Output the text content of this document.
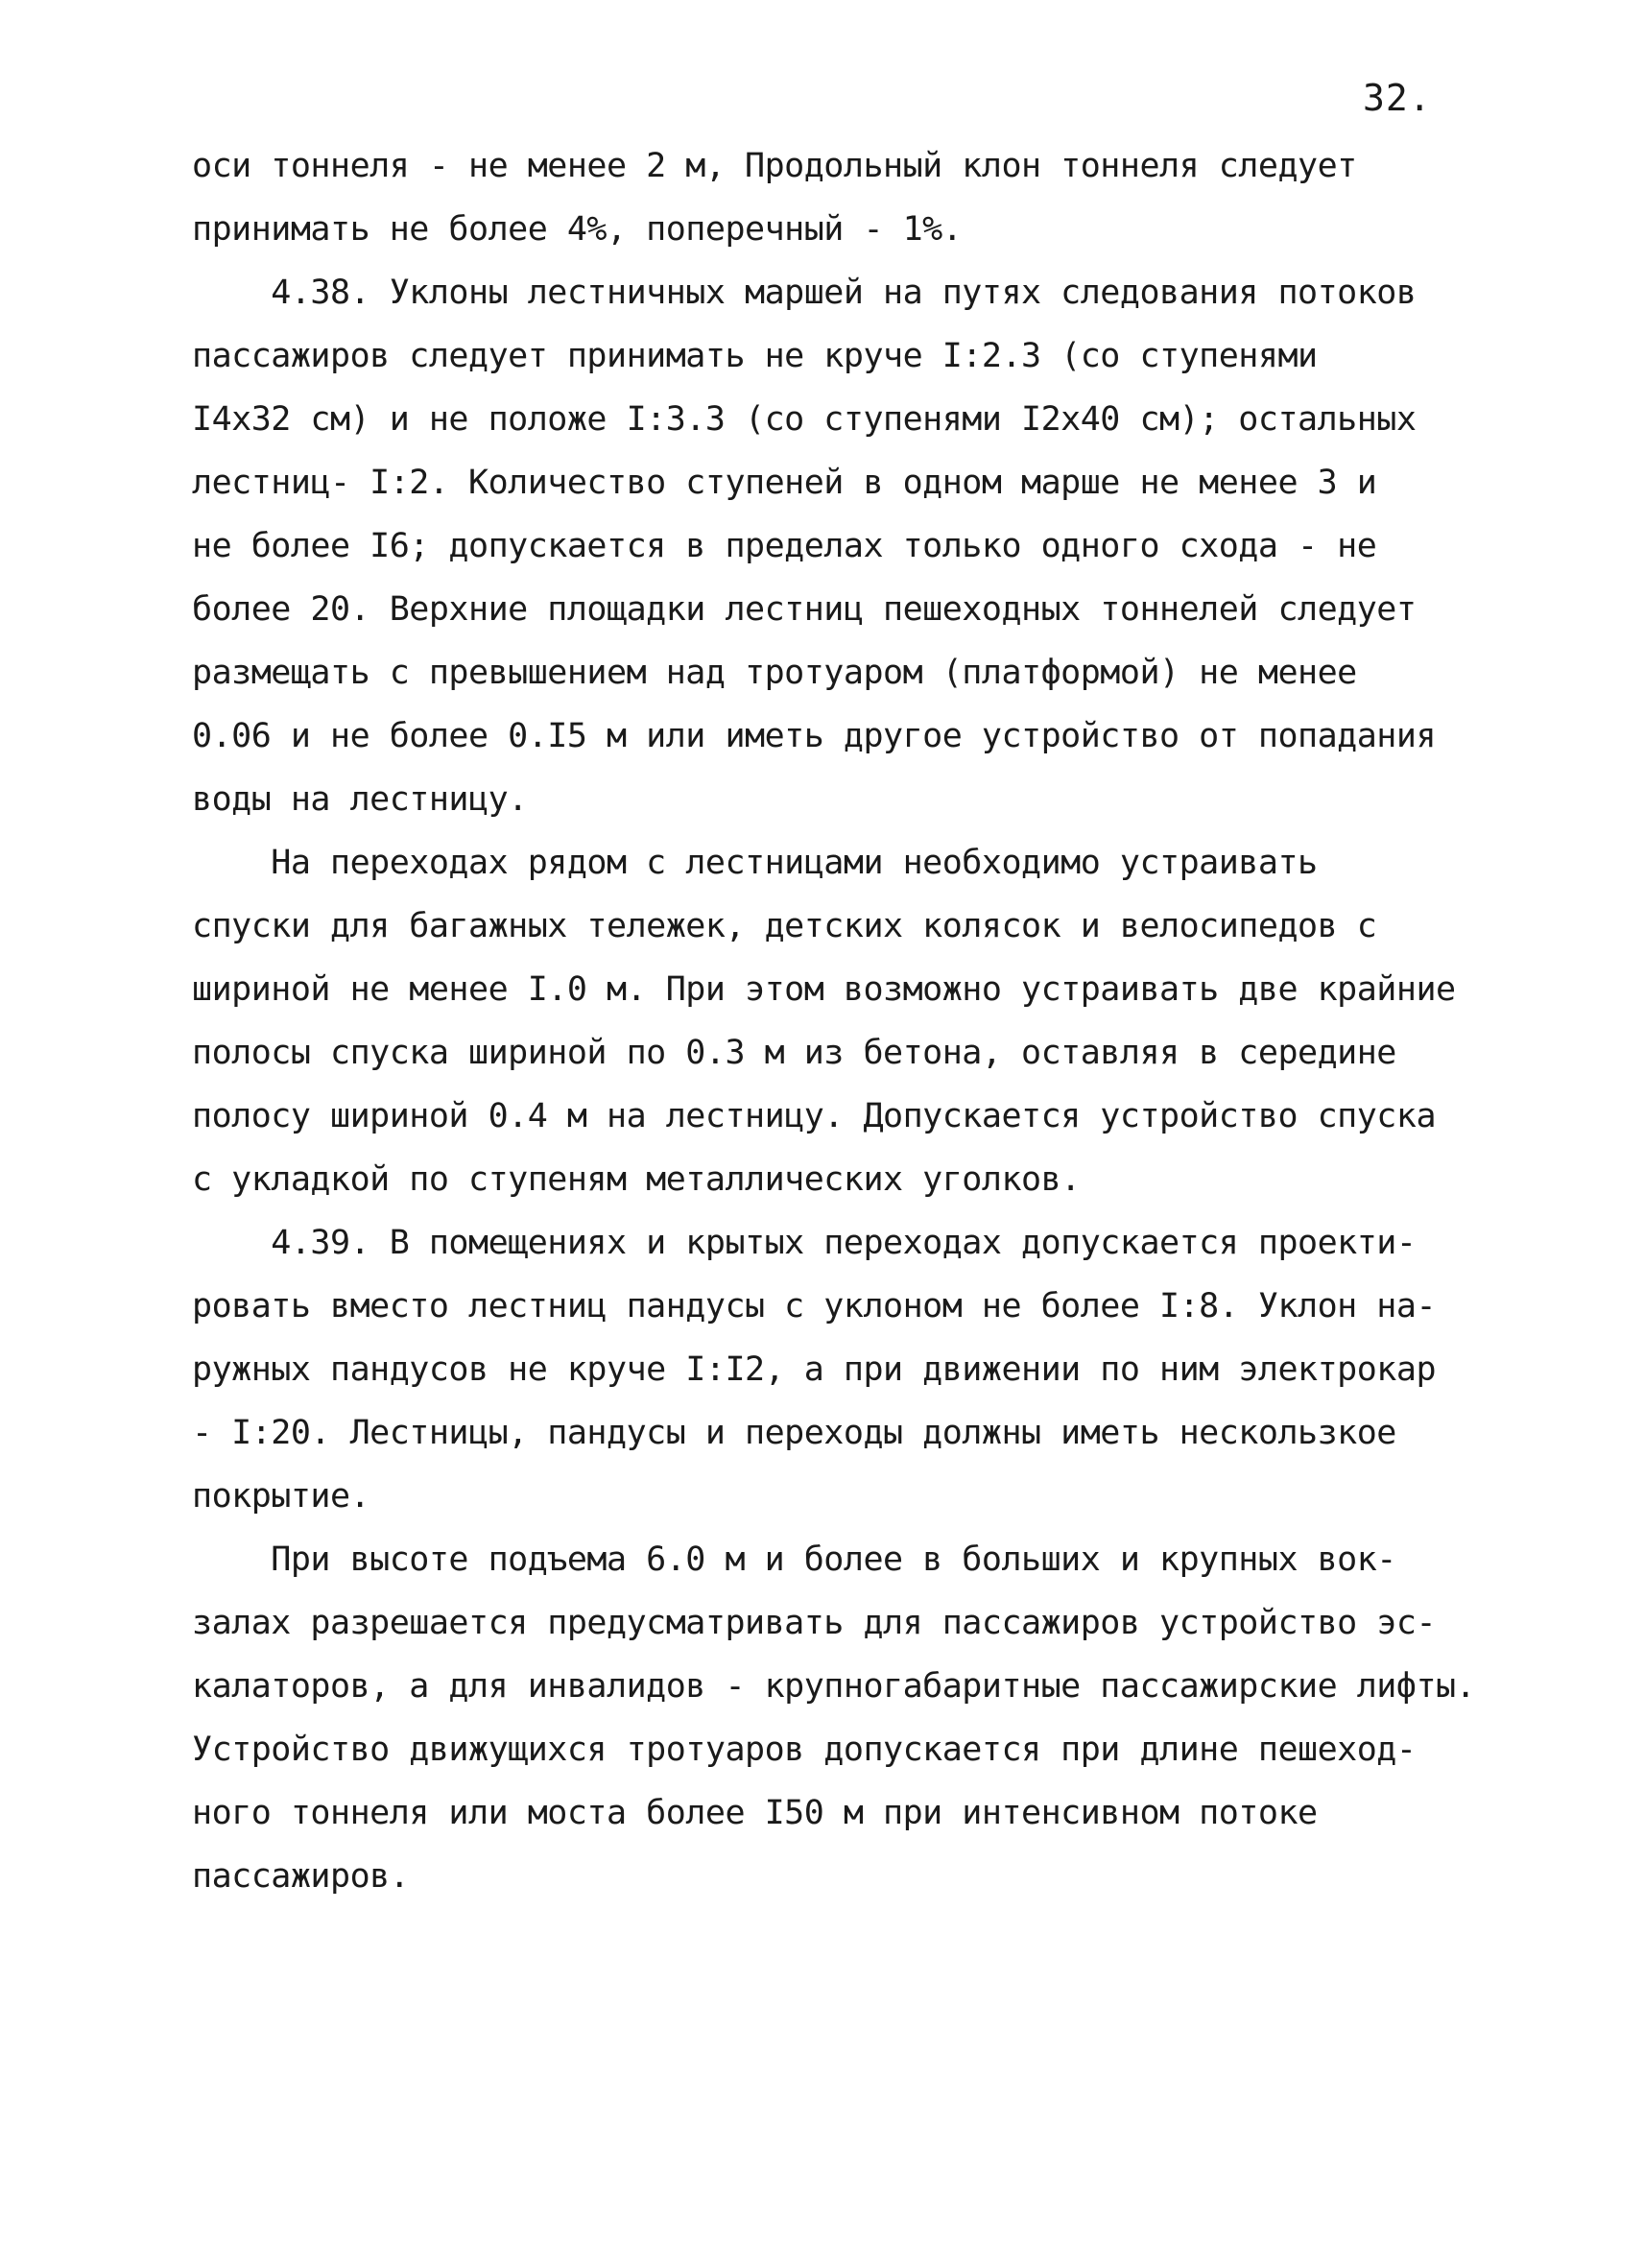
32.
оси тоннеля - не менее 2 м, Продольный клон тоннеля следует
принимать не более 4%, поперечный - 1%.
4.38. Уклоны лестничных маршей на путях следования потоков
пассажиров следует принимать не круче I:2.3 (со ступенями
I4x32 см) и не положе I:3.3 (со ступенями I2x40 см); остальных
лестниц- I:2. Количество ступеней в одном марше не менее 3 и
не более I6; допускается в пределах только одного схода - не
более 20. Верхние площадки лестниц пешеходных тоннелей следует
размещать с превышением над тротуаром (платформой) не менее
0.06 и не более 0.I5 м или иметь другое устройство от попадания
воды на лестницу.
На переходах рядом с лестницами необходимо устраивать
спуски для багажных тележек, детских колясок и велосипедов с
шириной не менее I.0 м. При этом возможно устраивать две крайние
полосы спуска шириной по 0.3 м из бетона, оставляя в середине
полосу шириной 0.4 м на лестницу. Допускается устройство спуска
с укладкой по ступеням металлических уголков.
4.39. В помещениях и крытых переходах допускается проекти-
ровать вместо лестниц пандусы с уклоном не более I:8. Уклон на-
ружных пандусов не круче I:I2, а при движении по ним электрокар
- I:20. Лестницы, пандусы и переходы должны иметь нескользкое
покрытие.
При высоте подъема 6.0 м и более в больших и крупных вок-
залах разрешается предусматривать для пассажиров устройство эс-
калаторов, а для инвалидов - крупногабаритные пассажирские лифты.
Устройство движущихся тротуаров допускается при длине пешеход-
ного тоннеля или моста более I50 м при интенсивном потоке
пассажиров.
